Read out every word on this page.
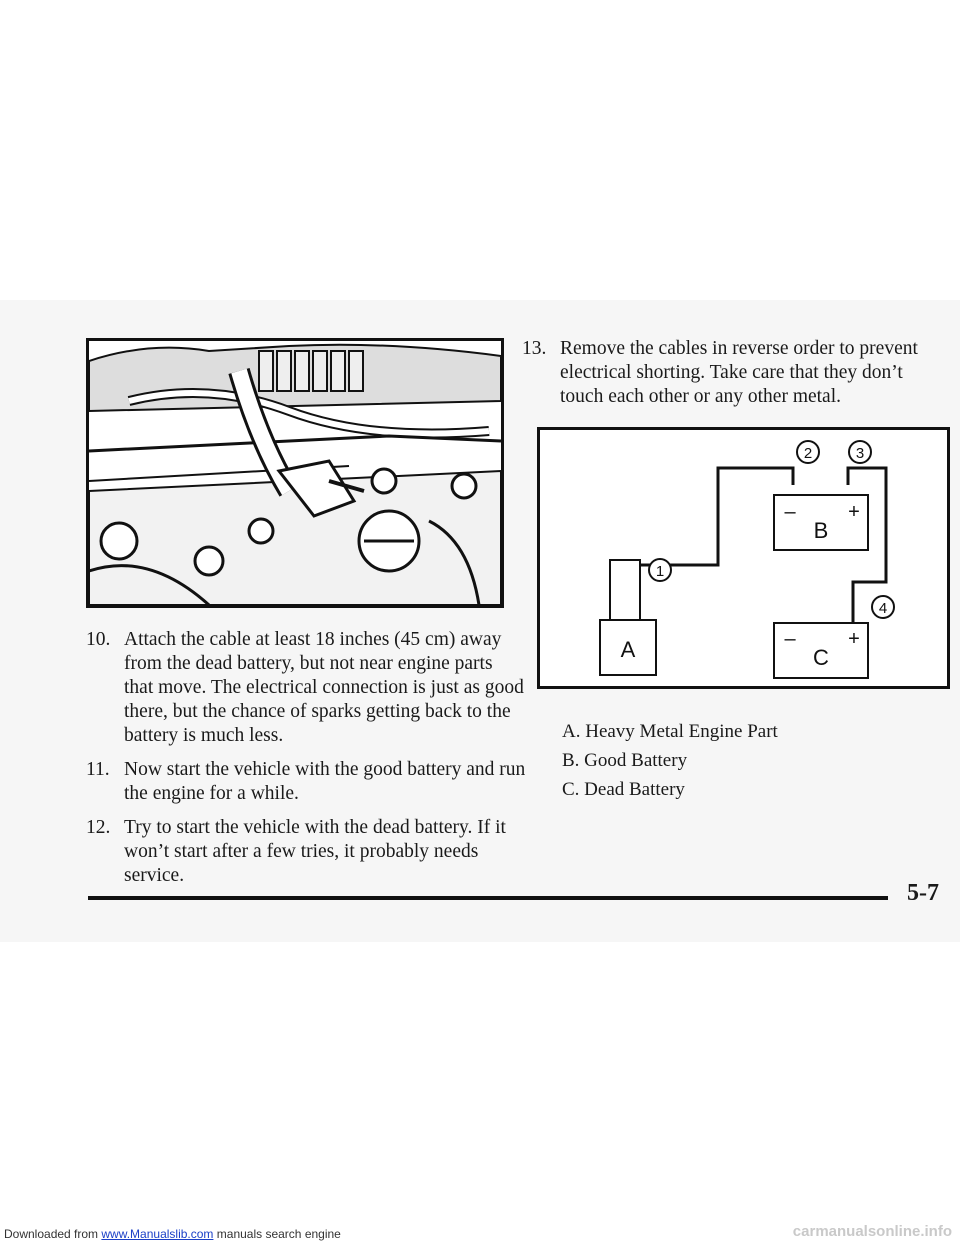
10. Attach the cable at least 18 inches (45 cm) away from the dead battery, but not near engine parts that move. The electrical connection is just as good there, but the chance of sparks getting back to the battery is much less.
11. Now start the vehicle with the good battery and run the engine for a while.
12. Try to start the vehicle with the dead battery. If it won’t start after a few tries, it probably needs service.
13. Remove the cables in reverse order to prevent electrical shorting. Take care that they don’t touch each other or any other metal.
A
–	+
B
–	+
C
1
2	3
4
A. Heavy Metal Engine Part
B. Good Battery
C. Dead Battery
5-7
Downloaded from www.Manualslib.com manuals search engine	carmanualsonline.info
